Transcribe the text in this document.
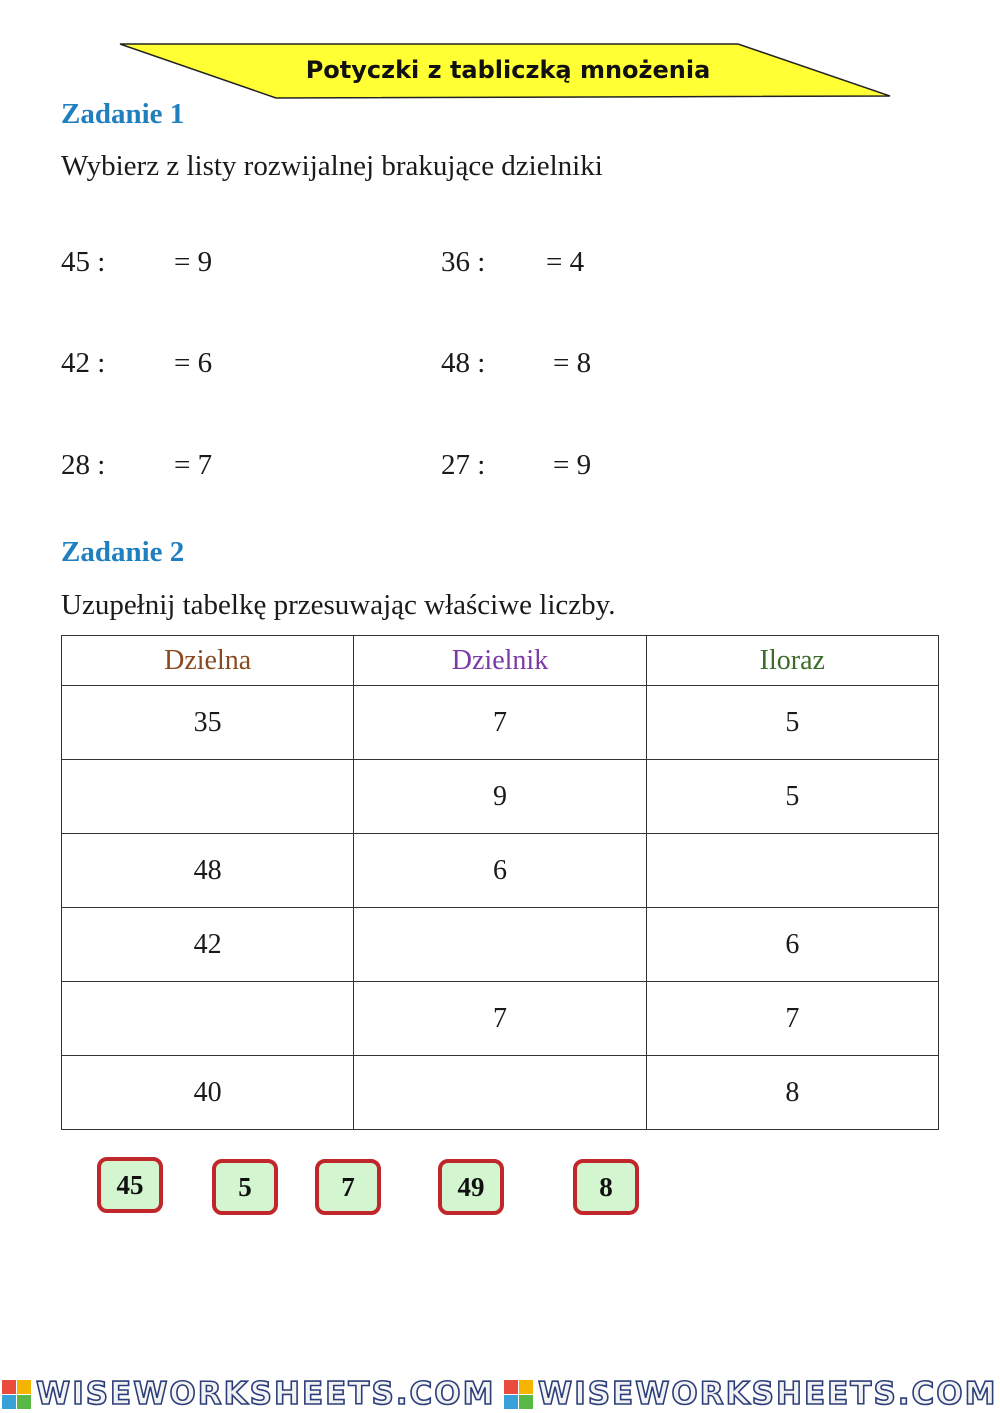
Potyczki z tabliczką mnożenia
Zadanie 1
Wybierz z listy rozwijalnej brakujące dzielniki
45 : = 9	36 : = 4
42 : = 6	48 : = 8
28 : = 7	27 : = 9
Zadanie 2
Uzupełnij tabelkę przesuwając właściwe liczby.
Dzielna	Dzielnik	Iloraz
35	7	5
	9	5
48	6	
42		6
	7	7
40		8
45	5	7	49	8
WISEWORKSHEETS.COM WISEWORKSHEETS.COM
